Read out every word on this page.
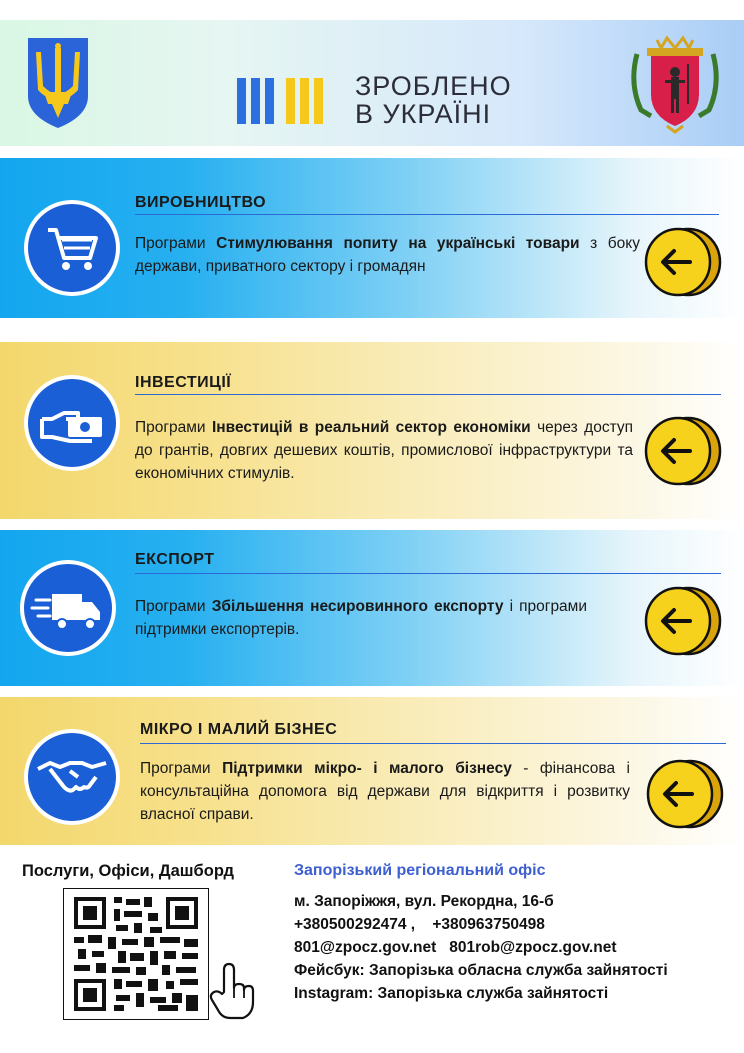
ЗРОБЛЕНО
В УКРАЇНІ
ВИРОБНИЦТВО
Програми Стимулювання попиту на українські товари з боку держави, приватного сектору і громадян
ІНВЕСТИЦІЇ
Програми Інвестицій в реальний сектор економіки через доступ до грантів, довгих дешевих коштів, промислової інфраструктури та економічних стимулів.
ЕКСПОРТ
Програми Збільшення несировинного експорту і програми підтримки експортерів.
МІКРО І МАЛИЙ БІЗНЕС
Програми Підтримки мікро- і малого бізнесу - фінансова і консультаційна допомога від держави для відкриття і розвитку власної справи.
Послуги, Офіси, Дашборд	Запорізький регіональний офіс
м. Запоріжжя, вул. Рекордна, 16-б
+380500292474 ,    +380963750498
801@zpocz.gov.net   801rob@zpocz.gov.net
Фейсбук: Запорізька обласна служба зайнятості
Instagram: Запорізька служба зайнятості
